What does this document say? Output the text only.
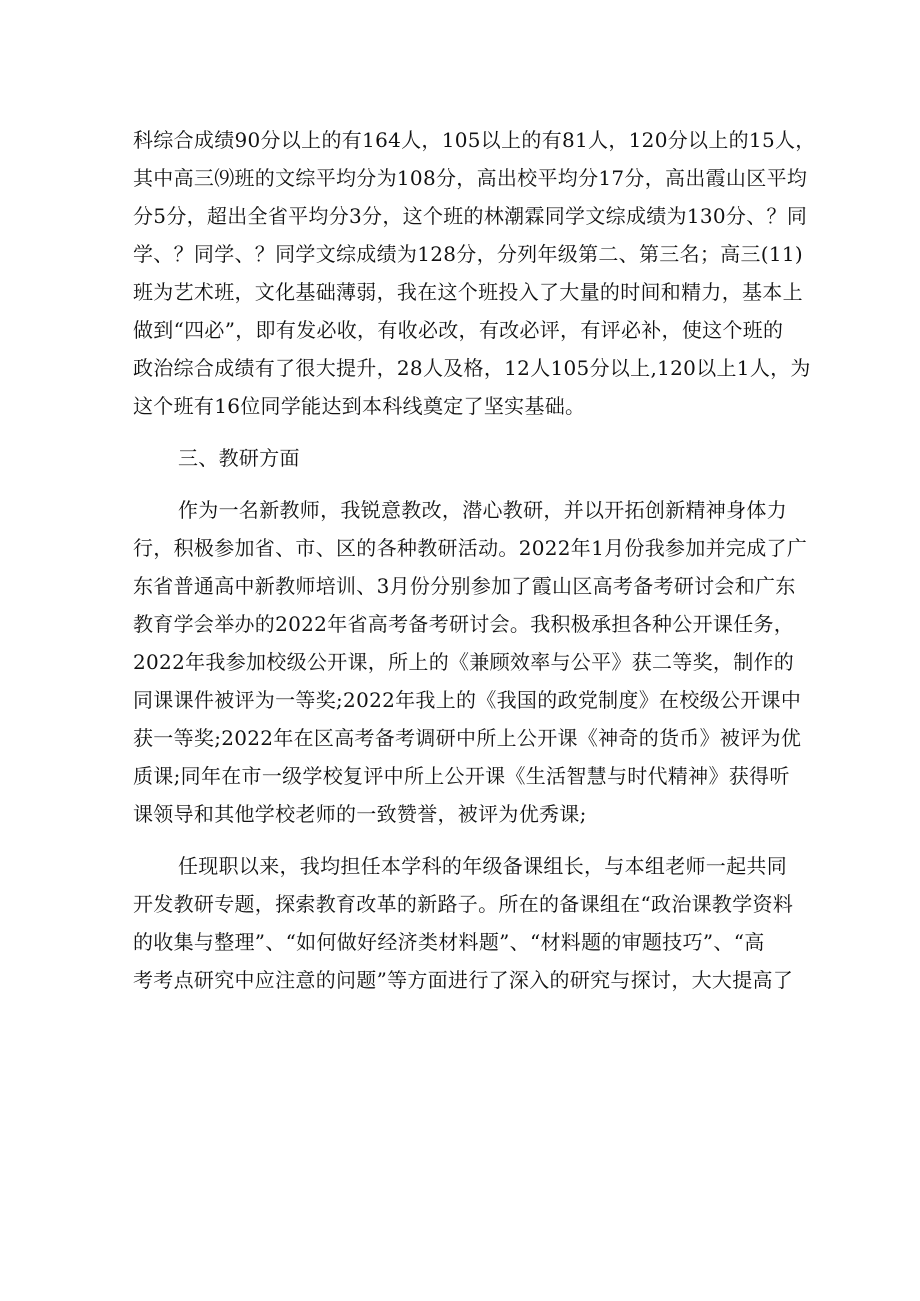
科综合成绩90分以上的有164人，105以上的有81人，120分以上的15人，
其中高三⑼班的文综平均分为108分，高出校平均分17分，高出霞山区平均
分5分，超出全省平均分3分，这个班的林潮霖同学文综成绩为130分、？同
学、？同学、？同学文综成绩为128分，分列年级第二、第三名；高三(11)
班为艺术班，文化基础薄弱，我在这个班投入了大量的时间和精力，基本上
做到“四必”，即有发必收，有收必改，有改必评，有评必补，使这个班的
政治综合成绩有了很大提升，28人及格，12人105分以上,120以上1人，为
这个班有16位同学能达到本科线奠定了坚实基础。
三、教研方面
作为一名新教师，我锐意教改，潜心教研，并以开拓创新精神身体力
行，积极参加省、市、区的各种教研活动。2022年1月份我参加并完成了广
东省普通高中新教师培训、3月份分别参加了霞山区高考备考研讨会和广东
教育学会举办的2022年省高考备考研讨会。我积极承担各种公开课任务，
2022年我参加校级公开课，所上的《兼顾效率与公平》获二等奖，制作的
同课课件被评为一等奖;2022年我上的《我国的政党制度》在校级公开课中
获一等奖;2022年在区高考备考调研中所上公开课《神奇的货币》被评为优
质课;同年在市一级学校复评中所上公开课《生活智慧与时代精神》获得听
课领导和其他学校老师的一致赞誉，被评为优秀课;
任现职以来，我均担任本学科的年级备课组长，与本组老师一起共同
开发教研专题，探索教育改革的新路子。所在的备课组在“政治课教学资料
的收集与整理”、“如何做好经济类材料题”、“材料题的审题技巧”、“高
考考点研究中应注意的问题”等方面进行了深入的研究与探讨，大大提高了
